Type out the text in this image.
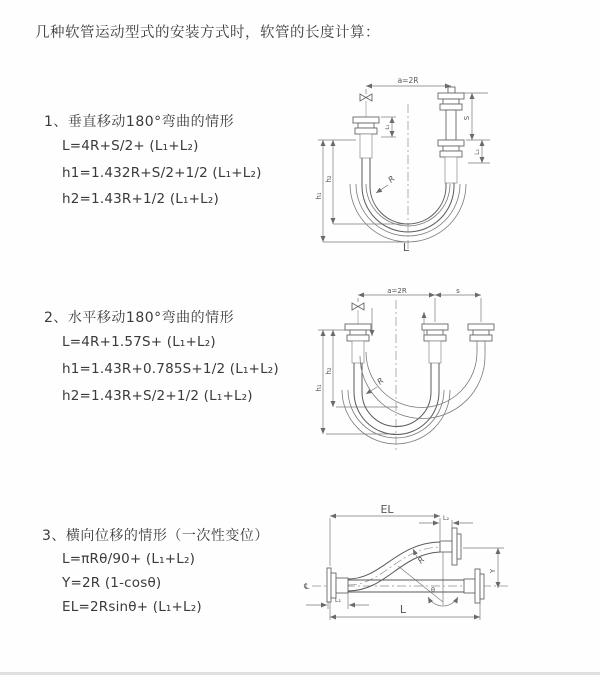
几种软管运动型式的安装方式时，软管的长度计算：
1、垂直移动180°弯曲的情形
L=4R+S/2+ (L₁+L₂)
h1=1.432R+S/2+1/2 (L₁+L₂)
h2=1.43R+1/2 (L₁+L₂)
2、水平移动180°弯曲的情形
L=4R+1.57S+ (L₁+L₂)
h1=1.43R+0.785S+1/2 (L₁+L₂)
h2=1.43R+S/2+1/2 (L₁+L₂)
3、横向位移的情形（一次性变位）
L=πRθ/90+ (L₁+L₂)
Y=2R (1-cosθ)
EL=2Rsinθ+ (L₁+L₂)
a=2R
h₁
h₂
S
L₂
L₁
R
L
a=2R	s
h₁
h₂
R
EL
L₂
Y
L
L₁
R
θ
℄
